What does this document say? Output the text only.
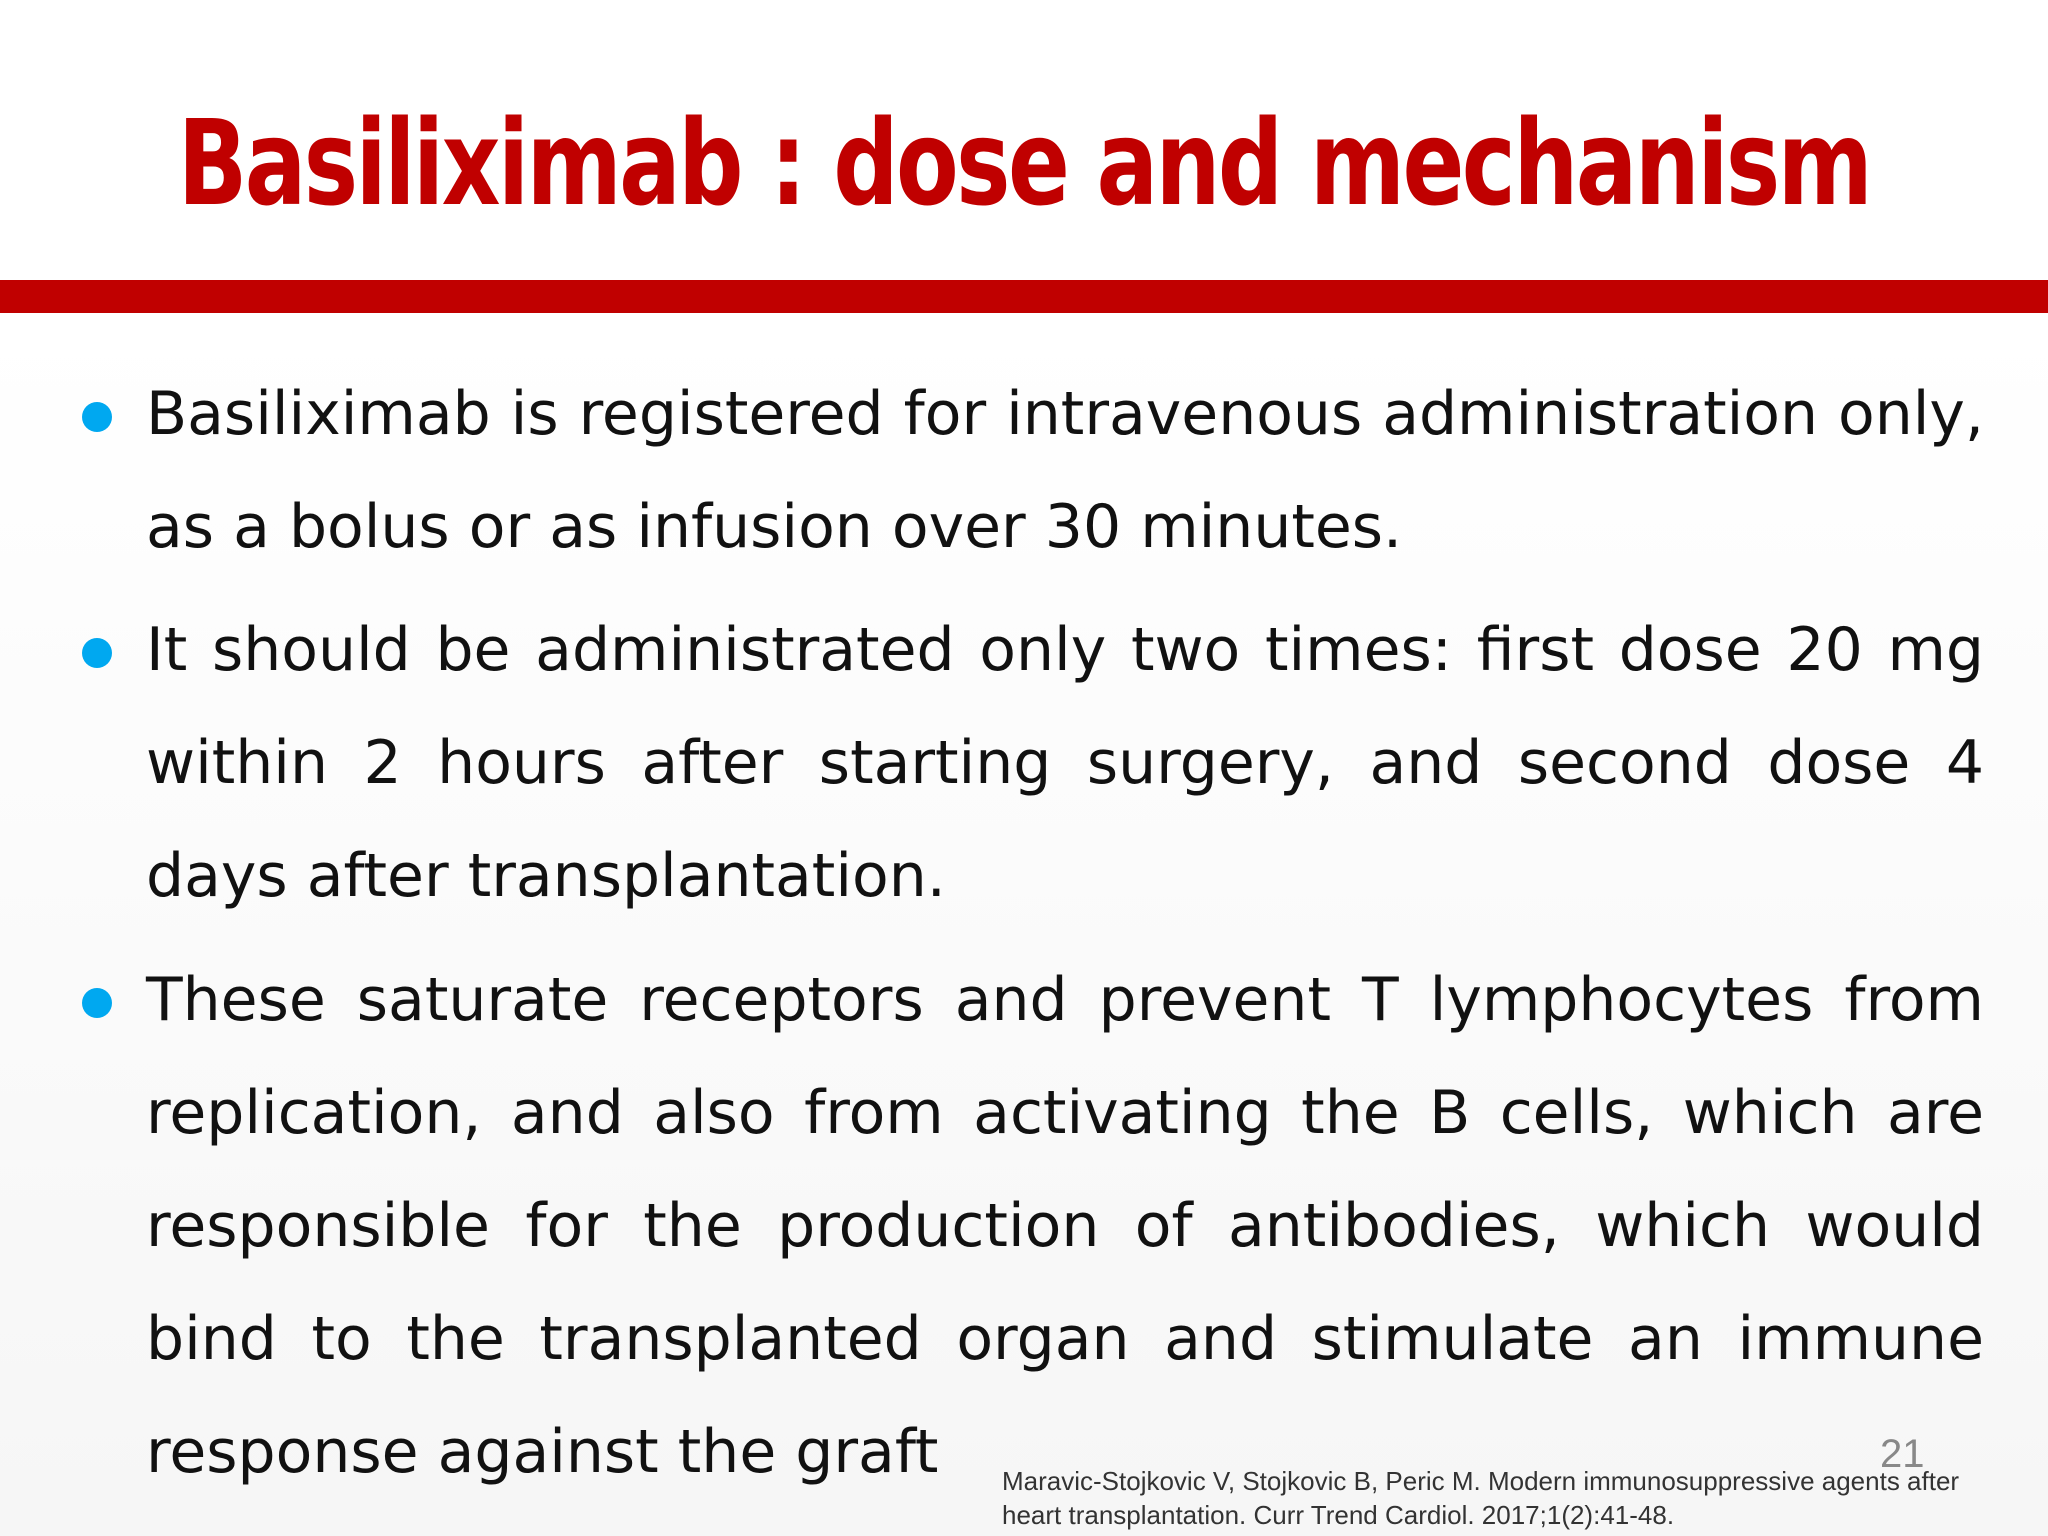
Basiliximab : dose and mechanism

Basiliximab is registered for intravenous administration only, as a bolus or as infusion over 30 minutes.

It should be administrated only two times: first dose 20 mg within 2 hours after starting surgery, and second dose 4 days after transplantation.

These saturate receptors and prevent T lymphocytes from replication, and also from activating the B cells, which are responsible for the production of antibodies, which would bind to the transplanted organ and stimulate an immune response against the graft	21
Maravic-Stojkovic V, Stojkovic B, Peric M. Modern immunosuppressive agents after heart transplantation. Curr Trend Cardiol. 2017;1(2):41-48.
